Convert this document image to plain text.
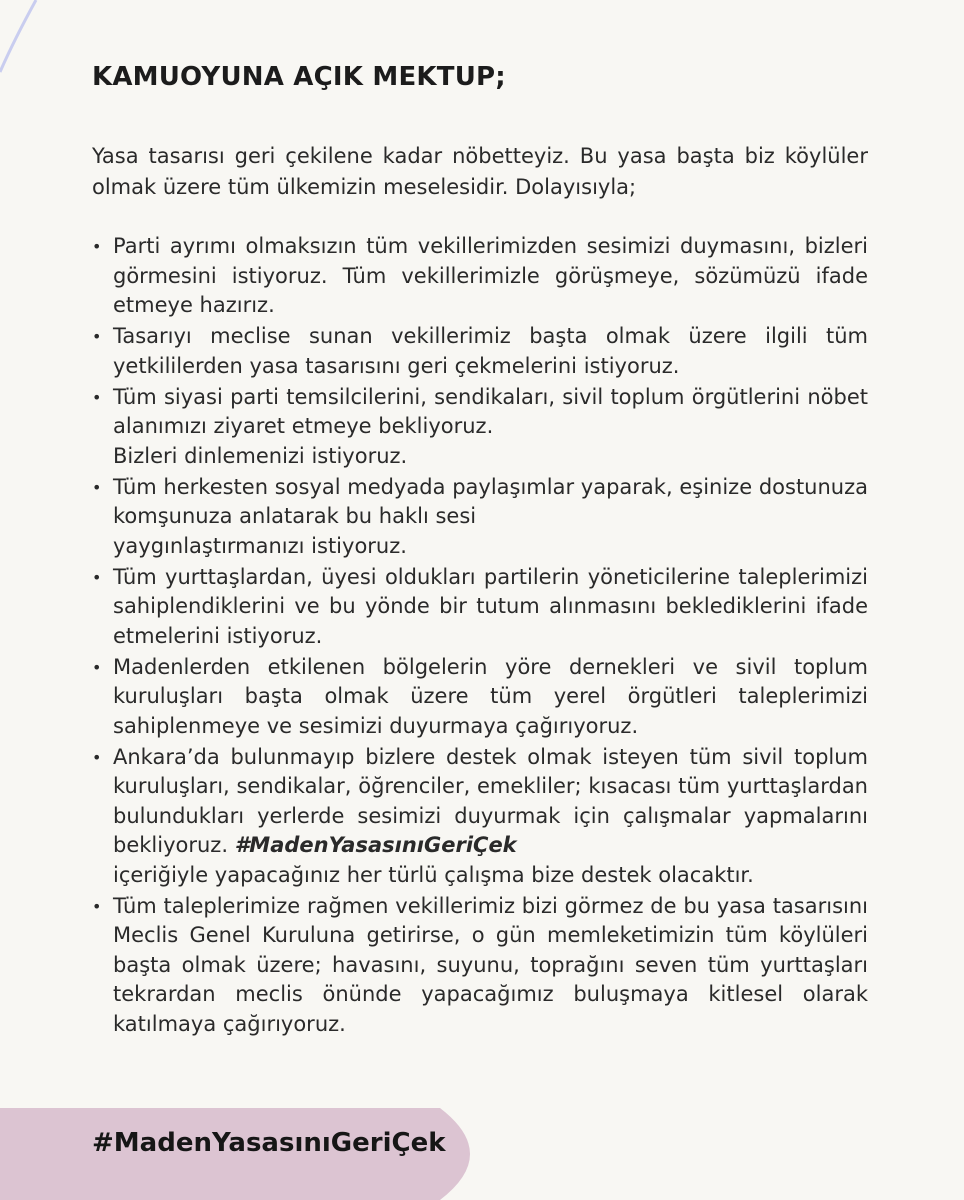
KAMUOYUNA AÇIK MEKTUP;

Yasa tasarısı geri çekilene kadar nöbetteyiz. Bu yasa başta biz köylüler olmak üzere tüm ülkemizin meselesidir. Dolayısıyla;

• Parti ayrımı olmaksızın tüm vekillerimizden sesimizi duymasını, bizleri görmesini istiyoruz. Tüm vekillerimizle görüşmeye, sözümüzü ifade etmeye hazırız.
• Tasarıyı meclise sunan vekillerimiz başta olmak üzere ilgili tüm yetkililerden yasa tasarısını geri çekmelerini istiyoruz.
• Tüm siyasi parti temsilcilerini, sendikaları, sivil toplum örgütlerini nöbet alanımızı ziyaret etmeye bekliyoruz.
Bizleri dinlemenizi istiyoruz.
• Tüm herkesten sosyal medyada paylaşımlar yaparak, eşinize dostunuza komşunuza anlatarak bu haklı sesi
yaygınlaştırmanızı istiyoruz.
• Tüm yurttaşlardan, üyesi oldukları partilerin yöneticilerine taleplerimizi sahiplendiklerini ve bu yönde bir tutum alınmasını beklediklerini ifade etmelerini istiyoruz.
• Madenlerden etkilenen bölgelerin yöre dernekleri ve sivil toplum kuruluşları başta olmak üzere tüm yerel örgütleri taleplerimizi sahiplenmeye ve sesimizi duyurmaya çağırıyoruz.
• Ankara’da bulunmayıp bizlere destek olmak isteyen tüm sivil toplum kuruluşları, sendikalar, öğrenciler, emekliler; kısacası tüm yurttaşlardan bulundukları yerlerde sesimizi duyurmak için çalışmalar yapmalarını bekliyoruz. #MadenYasasınıGeriÇek
içeriğiyle yapacağınız her türlü çalışma bize destek olacaktır.
• Tüm taleplerimize rağmen vekillerimiz bizi görmez de bu yasa tasarısını Meclis Genel Kuruluna getirirse, o gün memleketimizin tüm köylüleri başta olmak üzere; havasını, suyunu, toprağını seven tüm yurttaşları tekrardan meclis önünde yapacağımız buluşmaya kitlesel olarak katılmaya çağırıyoruz.

#MadenYasasınıGeriÇek
